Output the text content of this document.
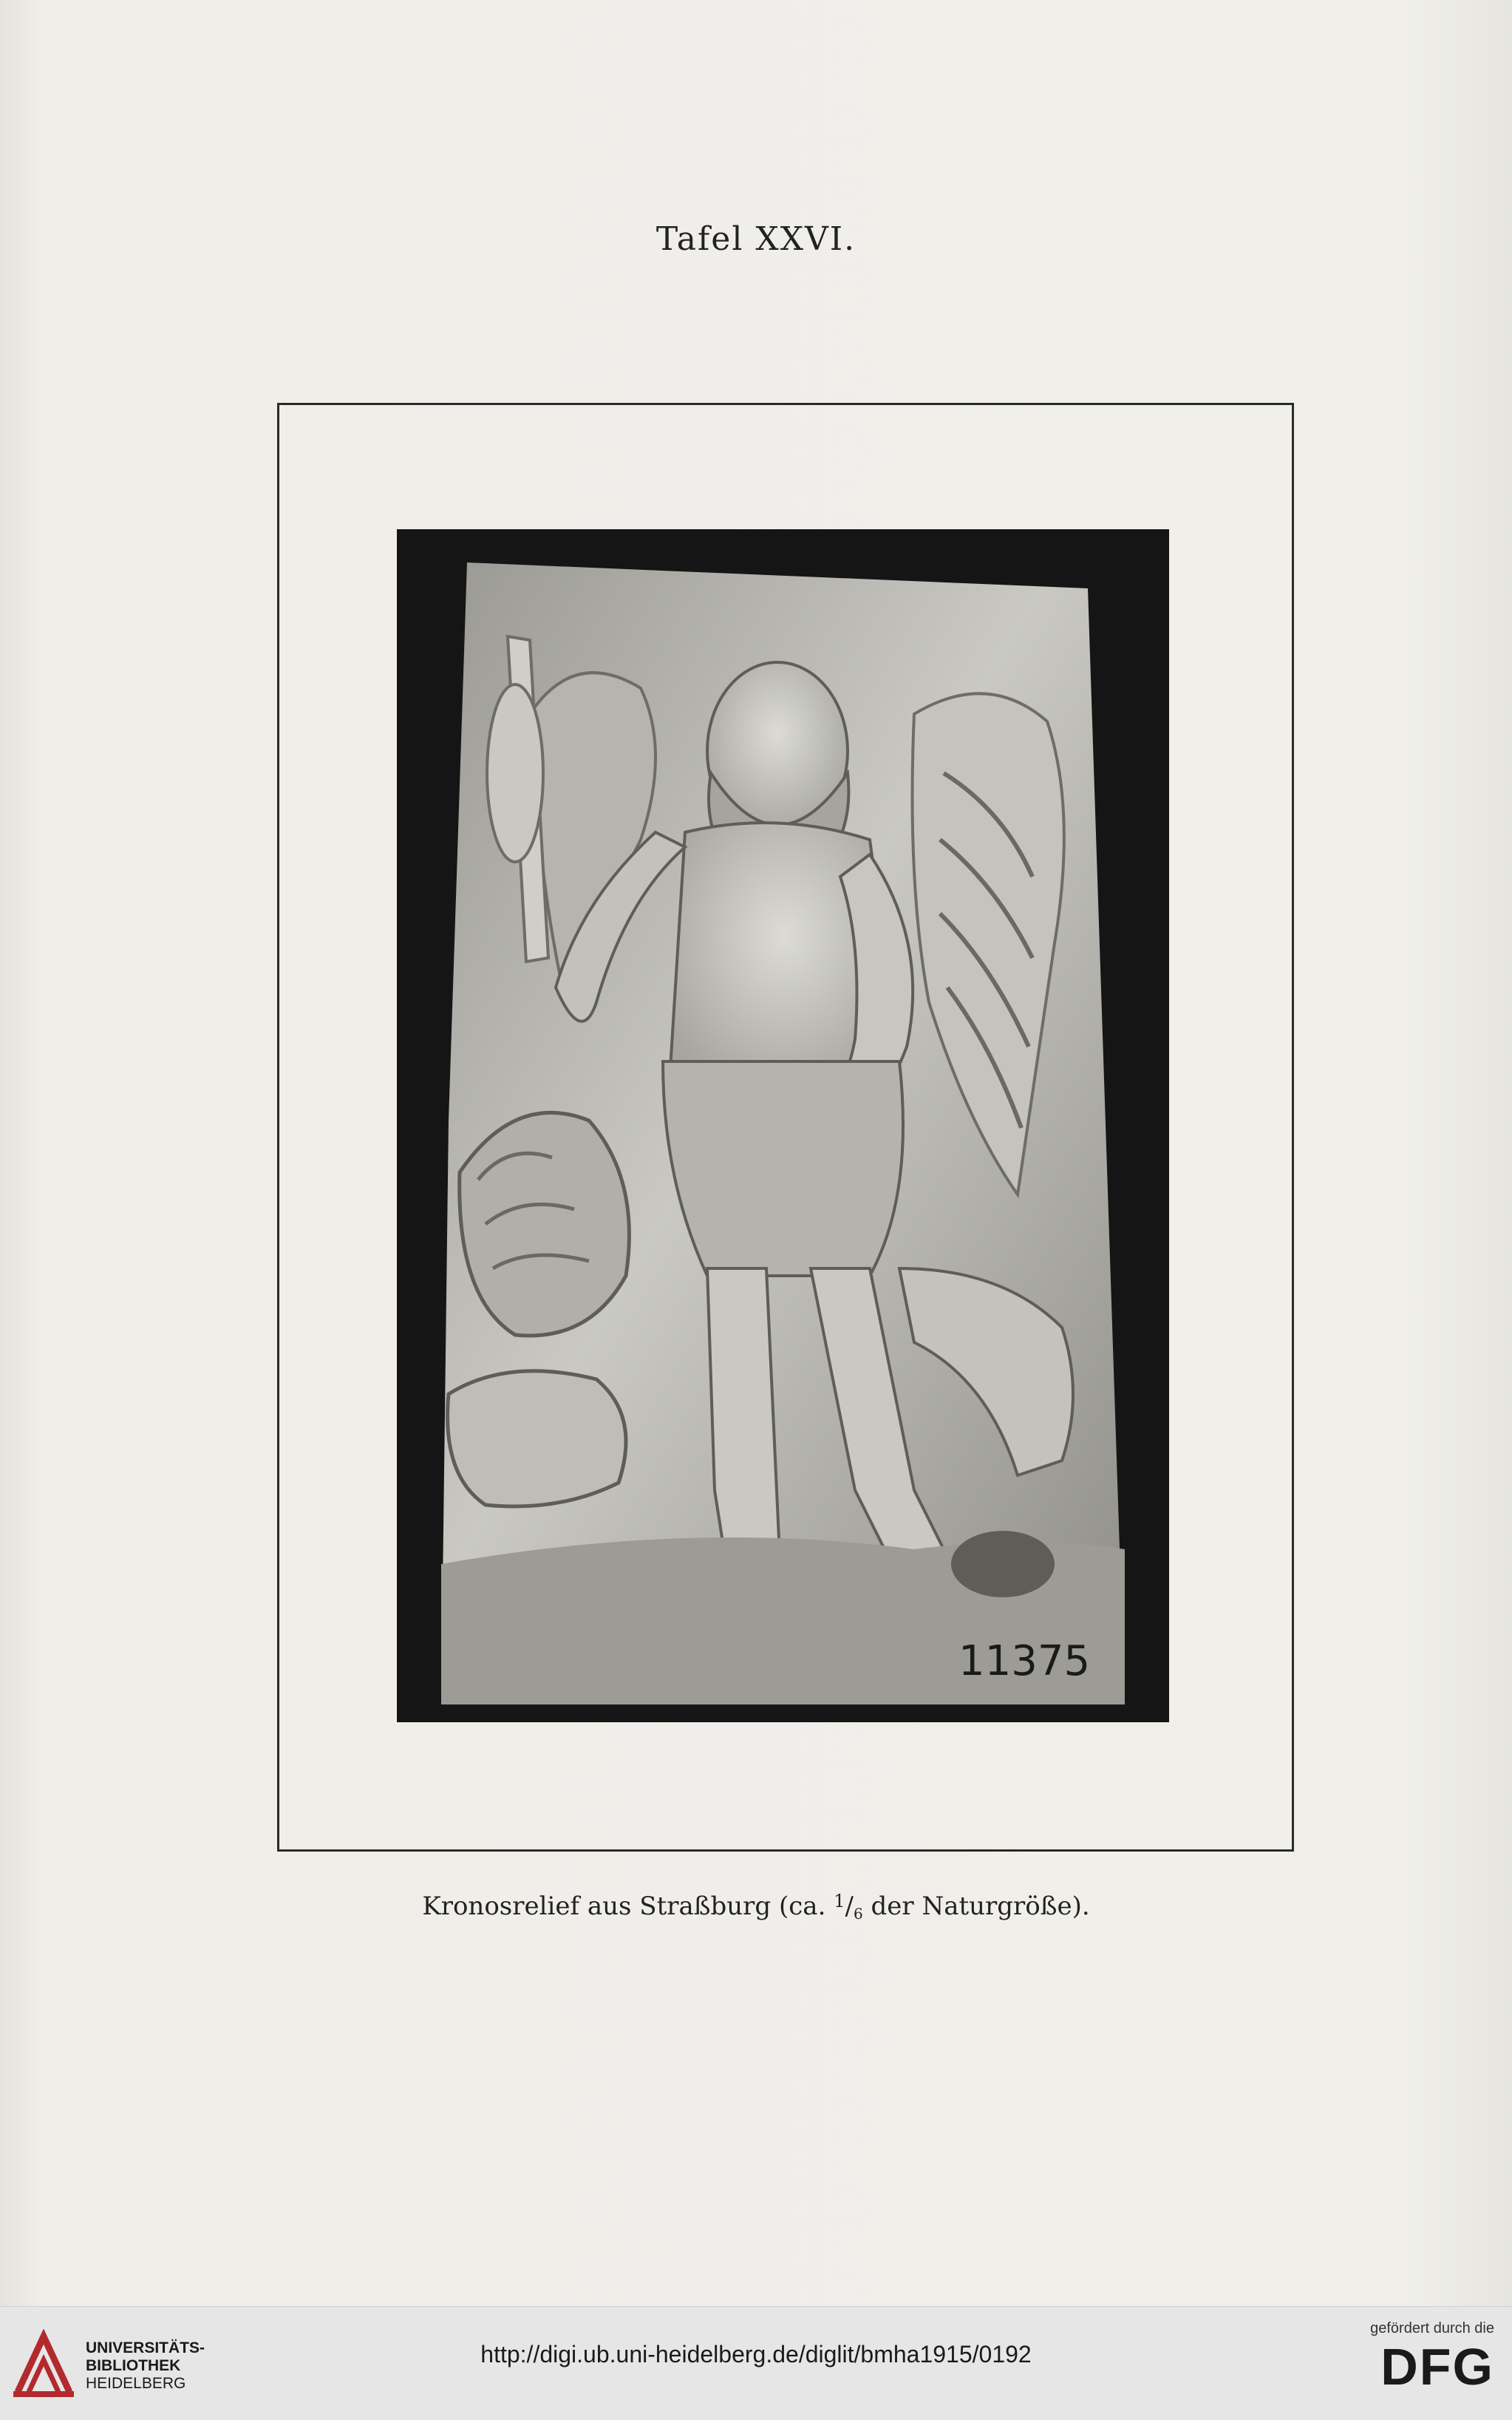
Tafel XXVI.
11375
Kronosrelief aus Straßburg (ca. $^1$/6 der Naturgröße).
UNIVERSITÄTS-
BIBLIOTHEK
HEIDELBERG
http://digi.ub.uni-heidelberg.de/diglit/bmha1915/0192
gefördert durch die
DFG
